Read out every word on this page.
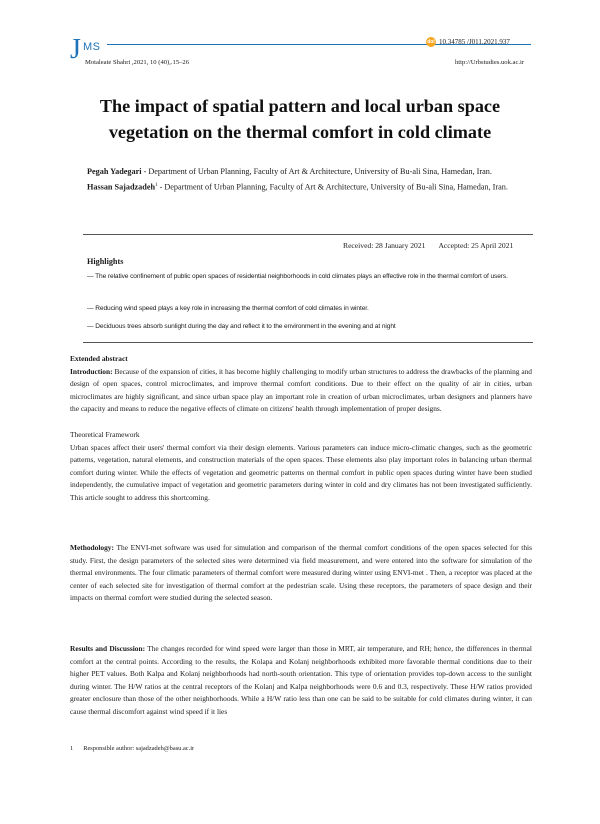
J MS
Motaleate Shahri ,2021, 10 (40),.15–26
doi 10.34785 /J011.2021.937
http://Urbstudies.uok.ac.ir
The impact of spatial pattern and local urban space vegetation on the thermal comfort in cold climate
Pegah Yadegari - Department of Urban Planning, Faculty of Art & Architecture, University of Bu-ali Sina, Hamedan, Iran.
Hassan Sajadzadeh$^1$ - Department of Urban Planning, Faculty of Art & Architecture, University of Bu-ali Sina, Hamedan, Iran.
Received: 28 January 2021 Accepted: 25 April 2021
Highlights
— The relative confinement of public open spaces of residential neighborhoods in cold climates plays an effective role in the thermal comfort of users.
— Reducing wind speed plays a key role in increasing the thermal comfort of cold climates in winter.
— Deciduous trees absorb sunlight during the day and reflect it to the environment in the evening and at night
Extended abstract
Introduction: Because of the expansion of cities, it has become highly challenging to modify urban structures to address the drawbacks of the planning and design of open spaces, control microclimates, and improve thermal comfort conditions. Due to their effect on the quality of air in cities, urban microclimates are highly significant, and since urban space play an important role in creation of urban microclimates, urban designers and planners have the capacity and means to reduce the negative effects of climate on citizens' health through implementation of proper designs.
Theoretical Framework
Urban spaces affect their users' thermal comfort via their design elements. Various parameters can induce micro-climatic changes, such as the geometric patterns, vegetation, natural elements, and construction materials of the open spaces. These elements also play important roles in balancing urban thermal comfort during winter. While the effects of vegetation and geometric patterns on thermal comfort in public open spaces during winter have been studied independently, the cumulative impact of vegetation and geometric parameters during winter in cold and dry climates has not been investigated sufficiently. This article sought to address this shortcoming.
Methodology: The ENVI-met software was used for simulation and comparison of the thermal comfort conditions of the open spaces selected for this study. First, the design parameters of the selected sites were determined via field measurement, and were entered into the software for simulation of the thermal environments. The four climatic parameters of thermal comfort were measured during winter using ENVI-met . Then, a receptor was placed at the center of each selected site for investigation of thermal comfort at the pedestrian scale. Using these receptors, the parameters of space design and their impacts on thermal comfort were studied during the selected season.
Results and Discussion: The changes recorded for wind speed were larger than those in MRT, air temperature, and RH; hence, the differences in thermal comfort at the central points. According to the results, the Kolapa and Kolanj neighborhoods exhibited more favorable thermal conditions due to their higher PET values. Both Kalpa and Kolanj neighborhoods had north-south orientation. This type of orientation provides top-down access to the sunlight during winter. The H/W ratios at the central receptors of the Kolanj and Kalpa neighborhoods were 0.6 and 0.3, respectively. These H/W ratios provided greater enclosure than those of the other neighborhoods. While a H/W ratio less than one can be said to be suitable for cold climates during winter, it can cause thermal discomfort against wind speed if it lies
1 Responsible author: sajadzadeh@basu.ac.ir
